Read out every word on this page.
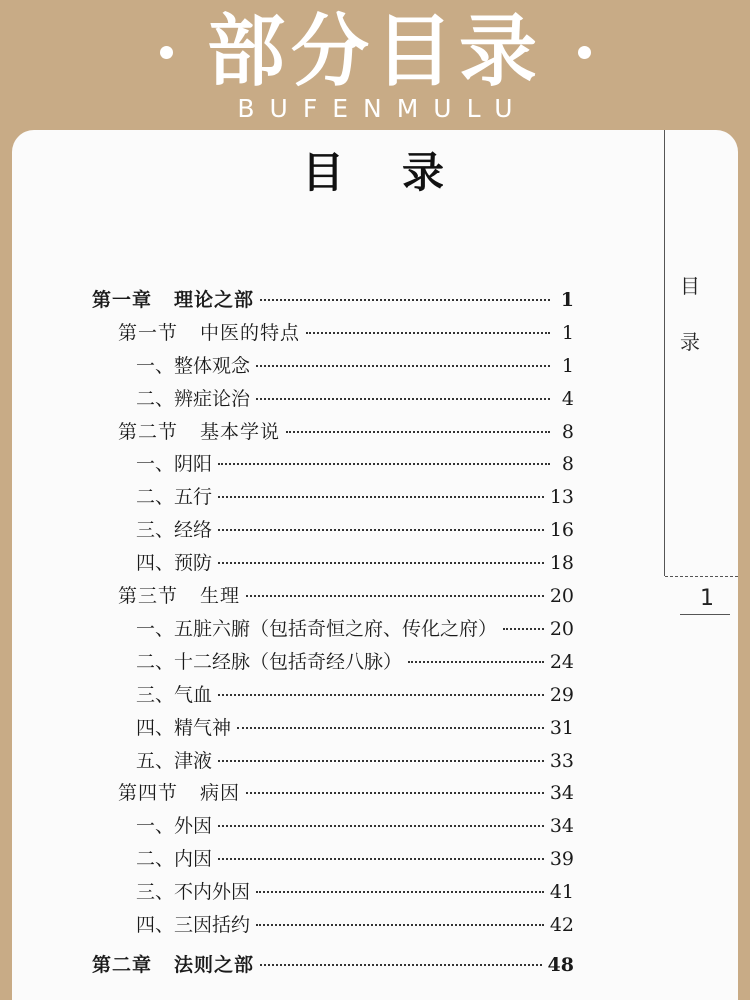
部分目录
BUFENMULU
目 录
目
录
1
第一章 理论之部	1
第一节 中医的特点	1
一、整体观念	1
二、辨症论治	4
第二节 基本学说	8
一、阴阳	8
二、五行	13
三、经络	16
四、预防	18
第三节 生理	20
一、五脏六腑（包括奇恒之府、传化之府）	20
二、十二经脉（包括奇经八脉）	24
三、气血	29
四、精气神	31
五、津液	33
第四节 病因	34
一、外因	34
二、内因	39
三、不内外因	41
四、三因括约	42
第二章 法则之部	48
